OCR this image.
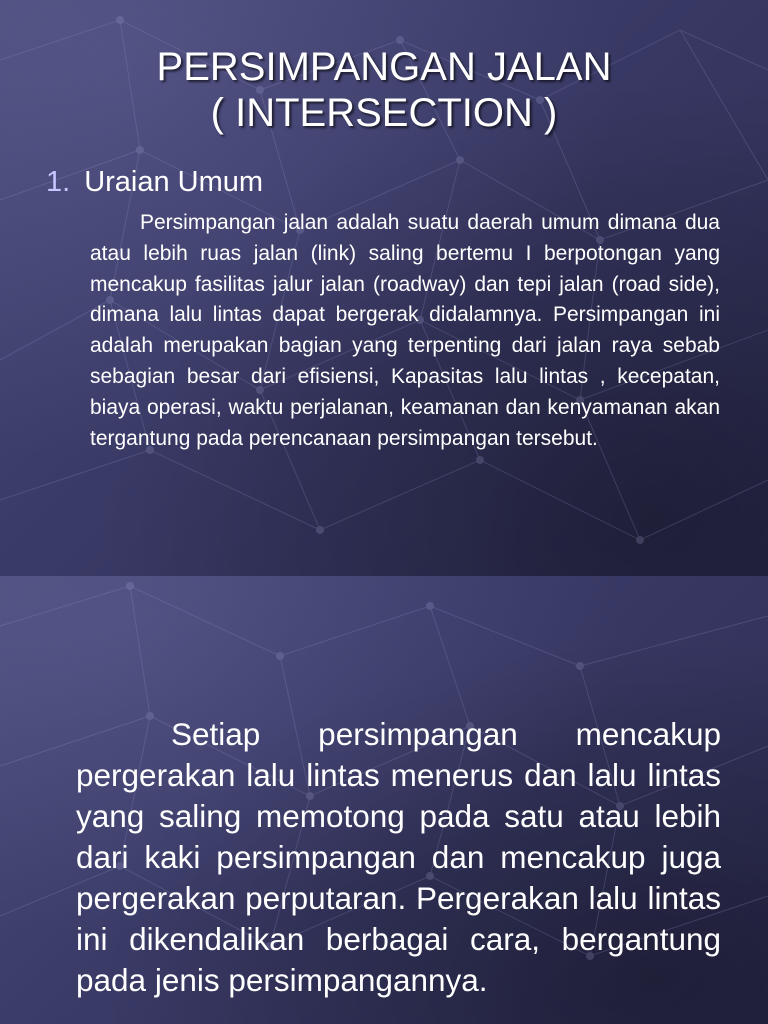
PERSIMPANGAN JALAN
( INTERSECTION )
1. Uraian Umum
Persimpangan jalan adalah suatu daerah umum dimana dua atau lebih ruas jalan (link) saling bertemu I berpotongan yang mencakup fasilitas jalur jalan (roadway) dan tepi jalan (road side), dimana lalu lintas dapat bergerak didalamnya. Persimpangan ini adalah merupakan bagian yang terpenting dari jalan raya sebab sebagian besar dari efisiensi, Kapasitas lalu lintas , kecepatan, biaya operasi, waktu perjalanan, keamanan dan kenyamanan akan tergantung pada perencanaan persimpangan tersebut.
Setiap persimpangan mencakup pergerakan lalu lintas menerus dan lalu lintas yang saling memotong pada satu atau lebih dari kaki persimpangan dan mencakup juga pergerakan perputaran. Pergerakan lalu lintas ini dikendalikan berbagai cara, bergantung pada jenis persimpangannya.
